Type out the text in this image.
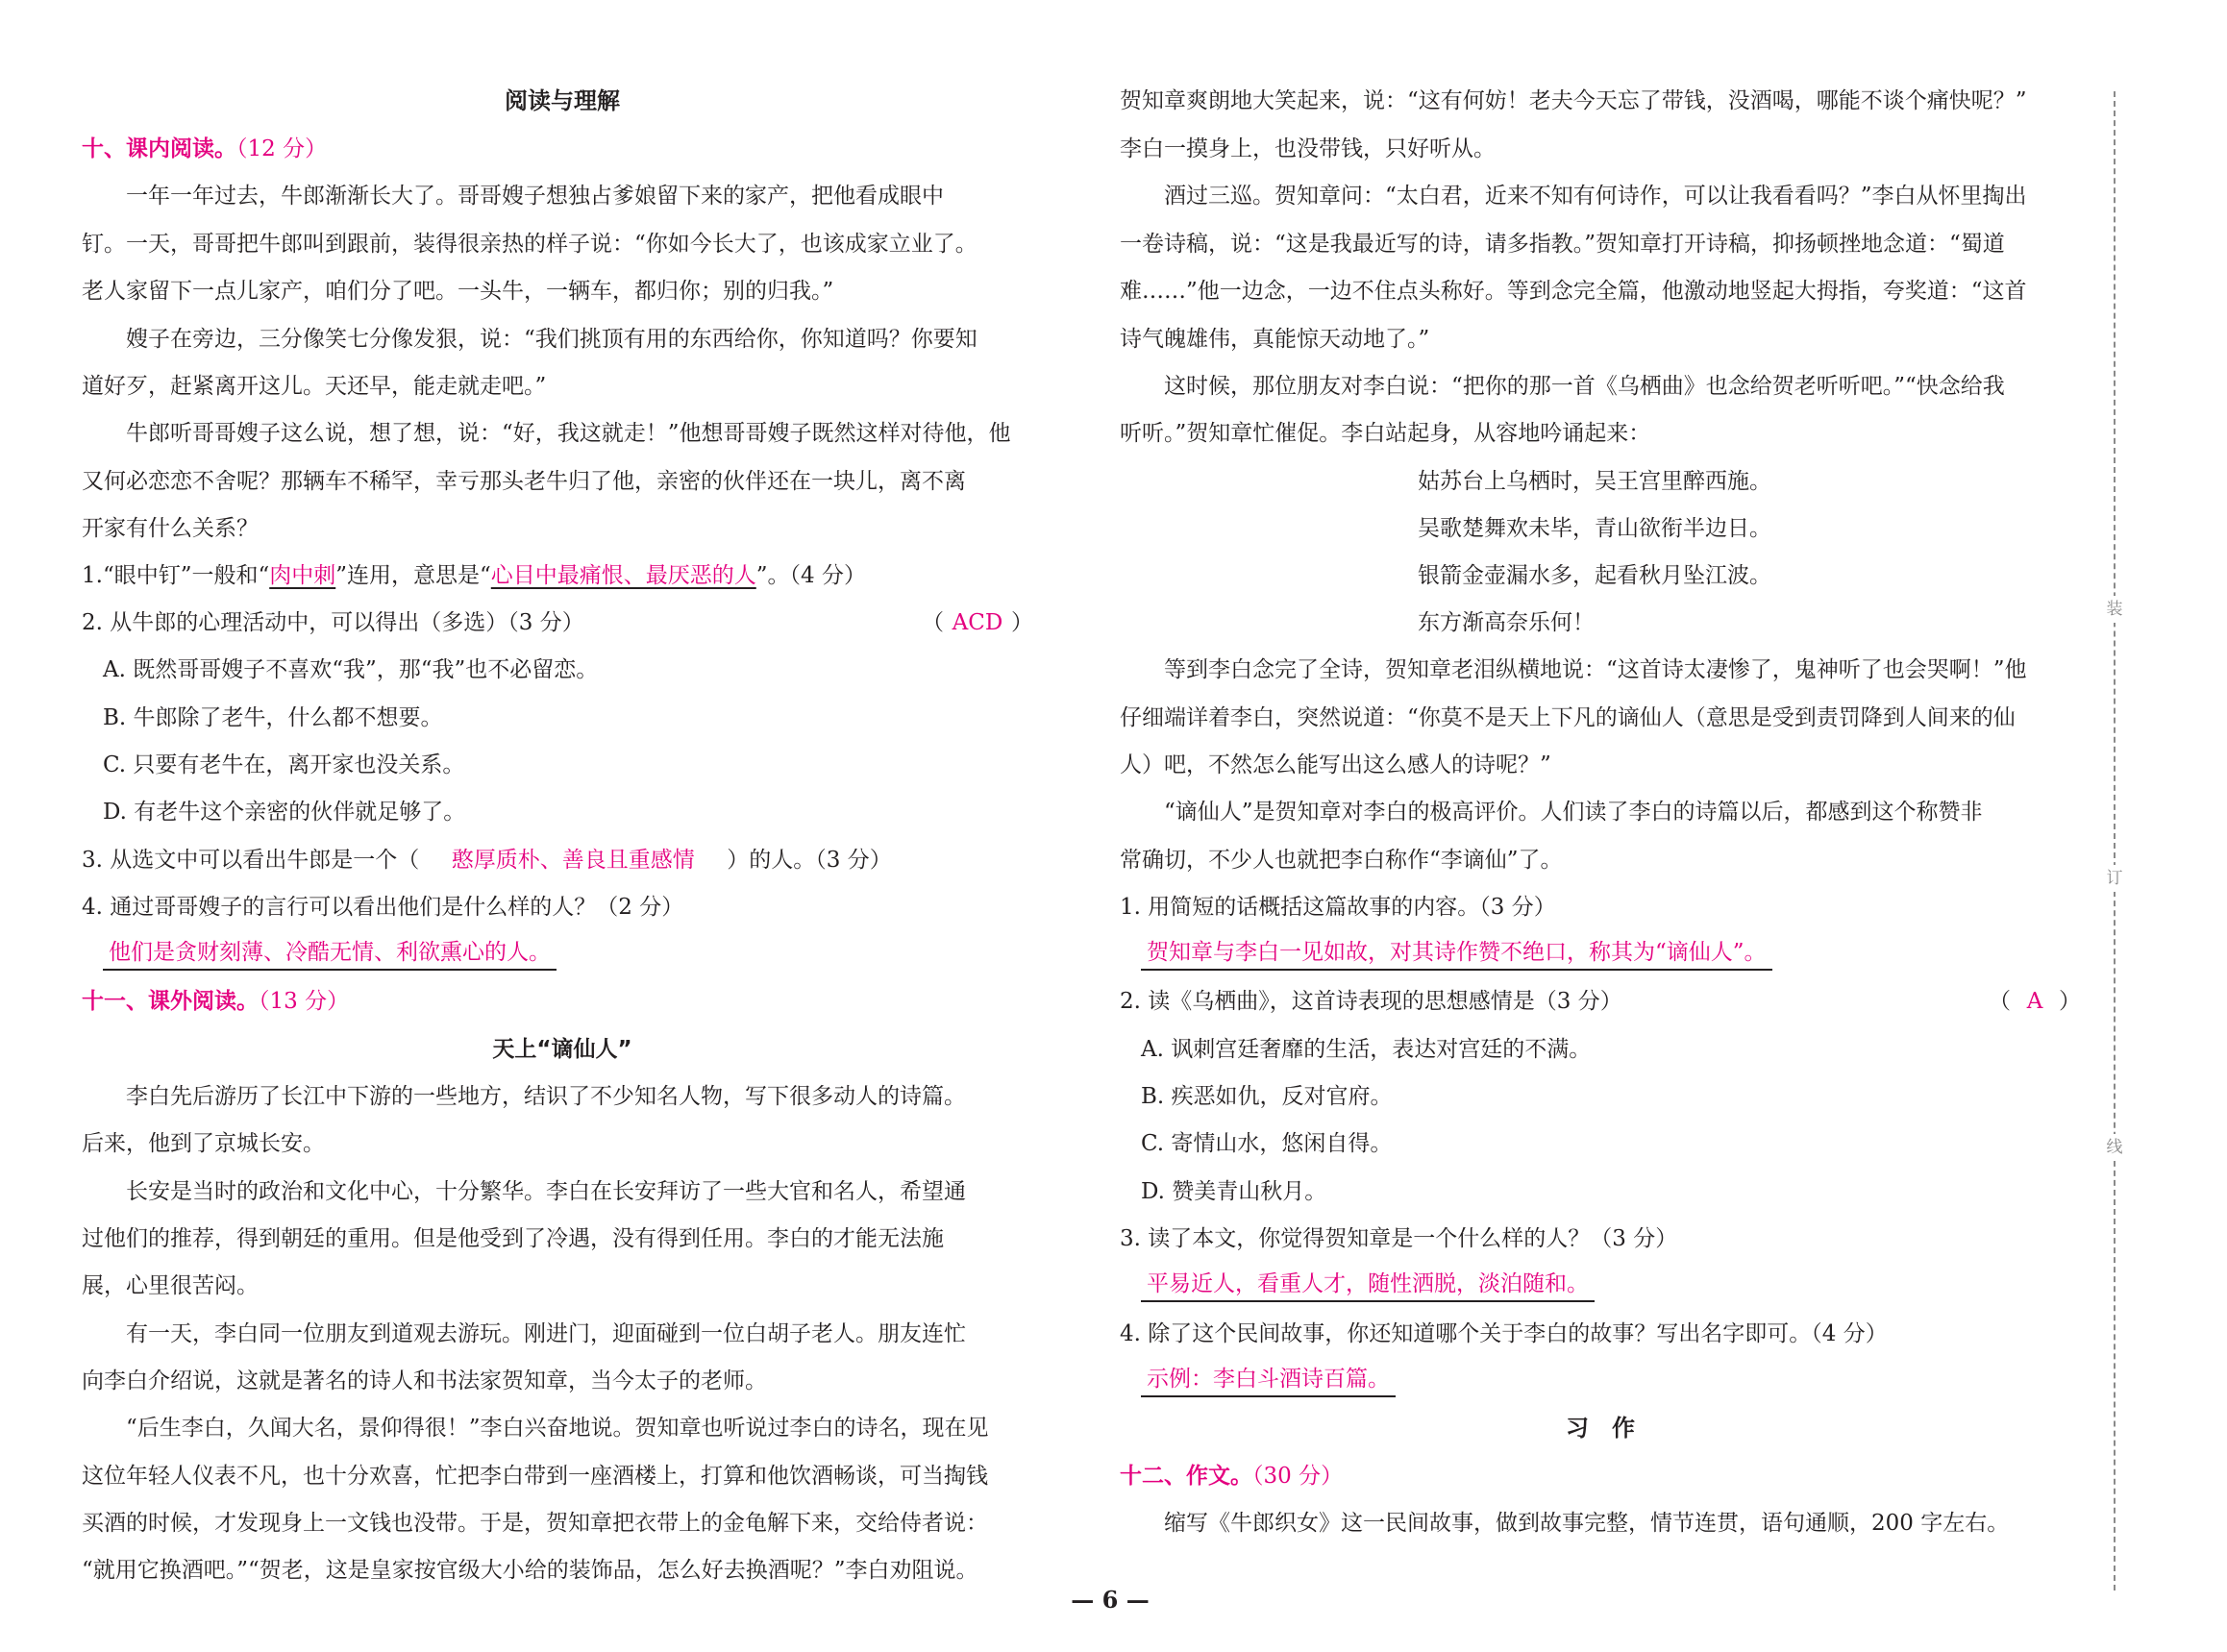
阅读与理解
十、课内阅读。（12 分）
一年一年过去，牛郎渐渐长大了。哥哥嫂子想独占爹娘留下来的家产，把他看成眼中
钉。一天，哥哥把牛郎叫到跟前，装得很亲热的样子说：“你如今长大了，也该成家立业了。
老人家留下一点儿家产，咱们分了吧。一头牛，一辆车，都归你；别的归我。”
嫂子在旁边，三分像笑七分像发狠，说：“我们挑顶有用的东西给你，你知道吗？你要知
道好歹，赶紧离开这儿。天还早，能走就走吧。”
牛郎听哥哥嫂子这么说，想了想，说：“好，我这就走！”他想哥哥嫂子既然这样对待他，他
又何必恋恋不舍呢？那辆车不稀罕，幸亏那头老牛归了他，亲密的伙伴还在一块儿，离不离
开家有什么关系？
1.“眼中钉”一般和“肉中刺”连用，意思是“心目中最痛恨、最厌恶的人”。（4 分）
2. 从牛郎的心理活动中，可以得出（多选）（3 分）	（ ACD ）
A. 既然哥哥嫂子不喜欢“我”，那“我”也不必留恋。
B. 牛郎除了老牛，什么都不想要。
C. 只要有老牛在，离开家也没关系。
D. 有老牛这个亲密的伙伴就足够了。
3. 从选文中可以看出牛郎是一个（ 憨厚质朴、善良且重感情 ）的人。（3 分）
4. 通过哥哥嫂子的言行可以看出他们是什么样的人？（2 分）
他们是贪财刻薄、冷酷无情、利欲熏心的人。
十一、课外阅读。（13 分）
天上“谪仙人”
李白先后游历了长江中下游的一些地方，结识了不少知名人物，写下很多动人的诗篇。
后来，他到了京城长安。
长安是当时的政治和文化中心，十分繁华。李白在长安拜访了一些大官和名人，希望通
过他们的推荐，得到朝廷的重用。但是他受到了冷遇，没有得到任用。李白的才能无法施
展，心里很苦闷。
有一天，李白同一位朋友到道观去游玩。刚进门，迎面碰到一位白胡子老人。朋友连忙
向李白介绍说，这就是著名的诗人和书法家贺知章，当今太子的老师。
“后生李白，久闻大名，景仰得很！”李白兴奋地说。贺知章也听说过李白的诗名，现在见
这位年轻人仪表不凡，也十分欢喜，忙把李白带到一座酒楼上，打算和他饮酒畅谈，可当掏钱
买酒的时候，才发现身上一文钱也没带。于是，贺知章把衣带上的金龟解下来，交给侍者说：
“就用它换酒吧。”“贺老，这是皇家按官级大小给的装饰品，怎么好去换酒呢？”李白劝阻说。
贺知章爽朗地大笑起来，说：“这有何妨！老夫今天忘了带钱，没酒喝，哪能不谈个痛快呢？”
李白一摸身上，也没带钱，只好听从。
酒过三巡。贺知章问：“太白君，近来不知有何诗作，可以让我看看吗？”李白从怀里掏出
一卷诗稿，说：“这是我最近写的诗，请多指教。”贺知章打开诗稿，抑扬顿挫地念道：“蜀道
难……”他一边念，一边不住点头称好。等到念完全篇，他激动地竖起大拇指，夸奖道：“这首
诗气魄雄伟，真能惊天动地了。”
这时候，那位朋友对李白说：“把你的那一首《乌栖曲》也念给贺老听听吧。”“快念给我
听听。”贺知章忙催促。李白站起身，从容地吟诵起来：
姑苏台上乌栖时，吴王宫里醉西施。
吴歌楚舞欢未毕，青山欲衔半边日。
银箭金壶漏水多，起看秋月坠江波。
东方渐高奈乐何！
等到李白念完了全诗，贺知章老泪纵横地说：“这首诗太凄惨了，鬼神听了也会哭啊！”他
仔细端详着李白，突然说道：“你莫不是天上下凡的谪仙人（意思是受到责罚降到人间来的仙
人）吧，不然怎么能写出这么感人的诗呢？”
“谪仙人”是贺知章对李白的极高评价。人们读了李白的诗篇以后，都感到这个称赞非
常确切，不少人也就把李白称作“李谪仙”了。
1. 用简短的话概括这篇故事的内容。（3 分）
贺知章与李白一见如故，对其诗作赞不绝口，称其为“谪仙人”。
2. 读《乌栖曲》，这首诗表现的思想感情是（3 分）	（ A ）
A. 讽刺宫廷奢靡的生活，表达对宫廷的不满。
B. 疾恶如仇，反对官府。
C. 寄情山水，悠闲自得。
D. 赞美青山秋月。
3. 读了本文，你觉得贺知章是一个什么样的人？（3 分）
平易近人，看重人才，随性洒脱，淡泊随和。
4. 除了这个民间故事，你还知道哪个关于李白的故事？写出名字即可。（4 分）
示例：李白斗酒诗百篇。
习　作
十二、作文。（30 分）
缩写《牛郎织女》这一民间故事，做到故事完整，情节连贯，语句通顺，200 字左右。
装
订
线
— 6 —
